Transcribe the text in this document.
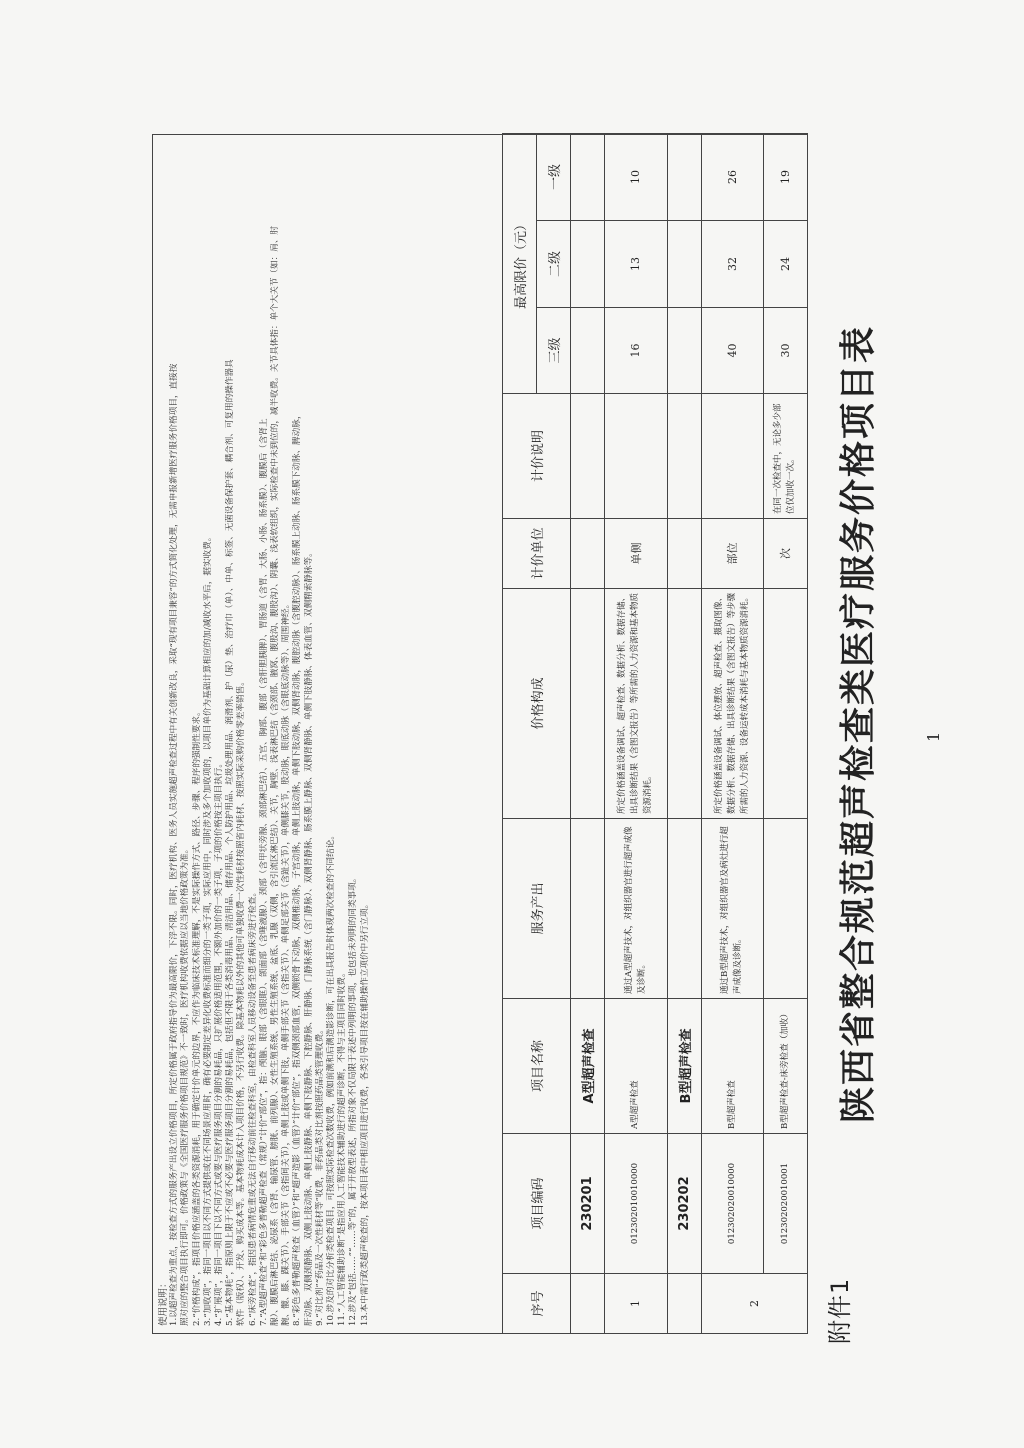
附件1
陕西省整合规范超声检查类医疗服务价格项目表
使用说明： 1.以超声检查为重点，按检查方式的服务产出设立价格项目，所定价格属于政府指导价为最高限价，下浮不限。同时，医疗机构、医务人员实施超声检查过程中有关创新改良，采取“现有项目兼容”的方式简化处理，无需申报新增医疗服务价格项目，直接按 照对应的整合项目执行即可。价格政策与《全国医疗服务价格项目规范》不一致时，医疗机构收费依据应以当地价格政策为准。 2.“价格构成”，指项目价格应涵盖的各类资源消耗，用于确定计价单元的边界，不应作为临床技术标准理解，不是实际操作方式、路径、步骤、程序的强制性要求。 3.“加收项”，指同一项目以不同方式提供或在不同场景应用时，确有必要制定差异化收费标准而细分的一类子项，实际应用中，同时涉及多个加收项的，以项目单价为基础计算相应的加/减收水平后，据实收费。 4.“扩展项”，指同一项目下以不同方式或要与医疗服务项目分割的易耗品，只扩展价格适用范围，不额外加价的一类子项，子项的价格按主项目执行。 5.“基本物耗”，指原则上限于不应或不必要与医疗服务项目分割的易耗品，包括但不限于各类消毒用品、清洁用品、储存用品、个人防护用品、垃圾处理用品、润滑剂、护（尿）垫、治疗巾（单）、中单、标签、无菌设备保护套、耦合剂、可复用的操作器具 软件（版权）、开发、购买成本等。基本物耗成本计入项目价格，不另行收费。除基本物耗以外的其他可单独收费一次性耗材按照省内耗材、按照实际采购价格零差率销售。 6.“床旁检查”，指因患者病情危重或无法自行移动前往检查科室，由检查科室人员移动设备至患者病床旁进行检查。 7.“A型超声检查”和“彩色多普勒超声检查（常规）”计价“部位”，指：颅脑、眼部（含眼眶）、颌面部（含唾液腺）、颈部（含甲状旁腺、颈部淋巴结）、五官、胸部、腹部（含肝胆胰脾）、胃肠道（含胃、大肠、小肠、肠系膜）、腹膜后（含肾上 腺）、腹膜后淋巴结、泌尿系（含肾、输尿管、膀胱、前列腺）、女性生殖系统、男性生殖系统、盆底、乳腺（双侧，含引流区淋巴结）、关节，胸壁、浅表淋巴结（含颈部、腋窝、腹股沟、腹股沟）、阴囊、浅表软组织，实际检查中未到位的，减半收费。关节具体指：单个大关节（如：肩、肘 腕、髋、膝、踝关节）、手部关节（含指间关节），单侧上肢或单侧下肢，单侧手部关节（含指关节）、单侧足部关节（含趾关节），单侧膝关节，股动脉，眼底动脉（含眼底动脉等）、周围神经。 8.“彩色多普勒超声检查（血管）”和“超声造影（血管）”计价“部位”，指双侧颈部血管，双侧锁骨下动脉，双侧椎动脉，子宫动脉，单侧上肢动脉，单侧下肢动脉，双侧肾动脉，腹腔动脉（含腹腔动脉）、肠系膜上动脉、肠系膜下动脉、脾动脉， 肝动脉、双侧颈静脉、双侧上肢动脉、单侧上肢静脉、单侧下肢静脉、下腔静脉、肝静脉、门静脉系统（含门静脉）、双侧肾静脉、肠系膜上静脉、双侧肾静脉、单侧下肢静脉、体表血管、双侧精索静脉等。 9.“对比剂”“药品及一次性耗材等”收费，非药品类对比剂按照药品类管理收费。 10.涉及的对比分析类检查项目，可按照实际检查次数收费，例如前测和后测造影诊断，可在出具报告时体现两次检查的不同结论。 11.“人工智能辅助诊断”是指应用人工智能技术辅助进行的超声诊断，不得与主项目同时收费。 12.涉及“包括……”“……等”的，属于开放型表述，所指对象不仅局限于表述中列明的事项，也包括未列明的同类事项。 13.本中需行政类超声检查的，按本项目表中相应项目进行收费，各类引导项目按在辅助操作立项价中另行立项。	序号	项目编码	项目名称	服务产出	价格构成	计价单位	计价说明	最高限价（元）		
							三级	二级	一级
	230201	A型超声检查							
1	012302010010000	A型超声检查	通过A型超声技术，对组织器官进行超声成像及诊断。	所定价格涵盖设备调试、超声检查、数据分析、数据存储、出具诊断结果（含图文报告）等所需的人力资源和基本物质资源消耗。	单侧		16	13	10
	230202	B型超声检查							
2	012302020010000	B型超声检查	通过B型超声技术，对组织器官及病灶进行超声成像及诊断。	所定价格涵盖设备调试、体位摆放、超声检查、摄取图像、数据分析、数据存储、出具诊断结果（含图文报告）等步骤所需的人力资源、设备运转成本消耗与基本物质资源消耗。	部位		40	32	26
	012302020010001	B型超声检查-床旁检查（加收）			次	在同一次检查中，无论多少部位仅加收一次。	30	24	19
1
